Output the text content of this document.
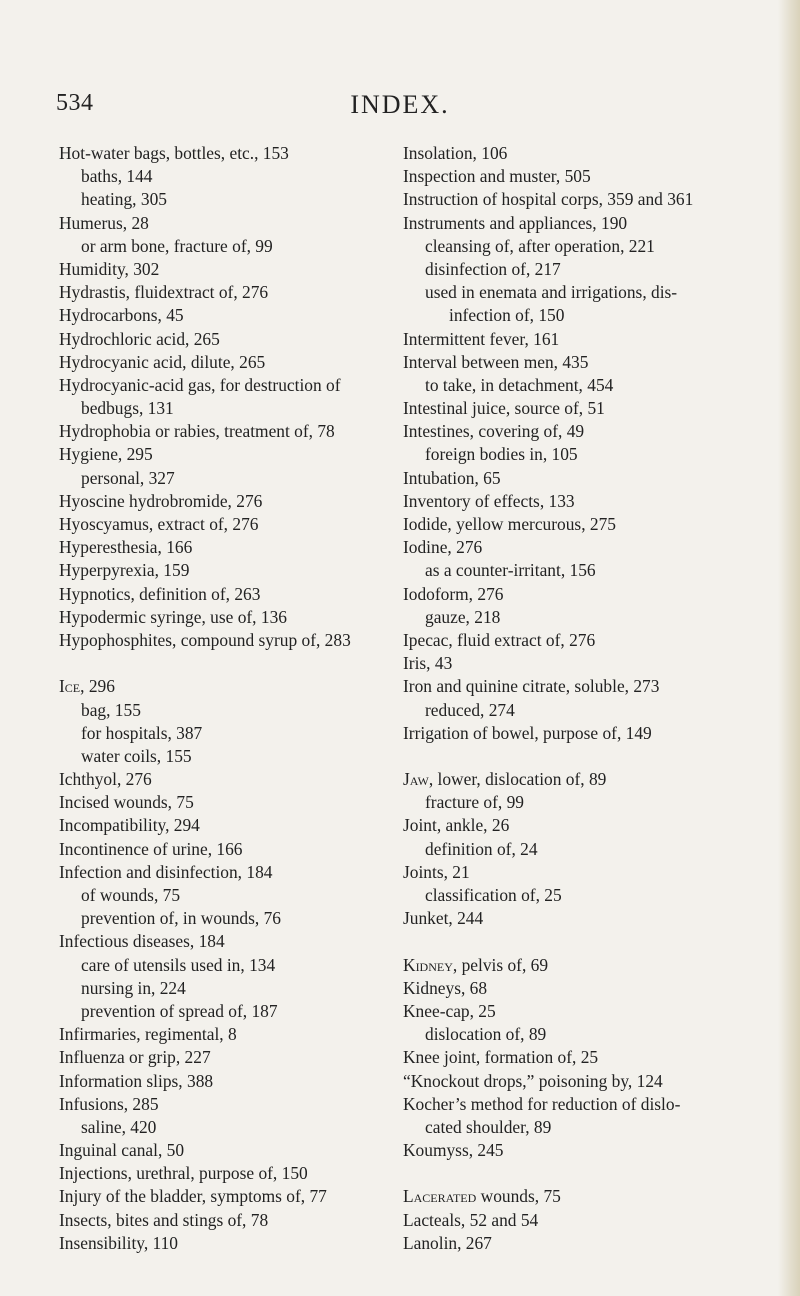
534	INDEX.
Hot-water bags, bottles, etc., 153
baths, 144
heating, 305
Humerus, 28
or arm bone, fracture of, 99
Humidity, 302
Hydrastis, fluidextract of, 276
Hydrocarbons, 45
Hydrochloric acid, 265
Hydrocyanic acid, dilute, 265
Hydrocyanic-acid gas, for destruction of
bedbugs, 131
Hydrophobia or rabies, treatment of, 78
Hygiene, 295
personal, 327
Hyoscine hydrobromide, 276
Hyoscyamus, extract of, 276
Hyperesthesia, 166
Hyperpyrexia, 159
Hypnotics, definition of, 263
Hypodermic syringe, use of, 136
Hypophosphites, compound syrup of, 283
Ice, 296
bag, 155
for hospitals, 387
water coils, 155
Ichthyol, 276
Incised wounds, 75
Incompatibility, 294
Incontinence of urine, 166
Infection and disinfection, 184
of wounds, 75
prevention of, in wounds, 76
Infectious diseases, 184
care of utensils used in, 134
nursing in, 224
prevention of spread of, 187
Infirmaries, regimental, 8
Influenza or grip, 227
Information slips, 388
Infusions, 285
saline, 420
Inguinal canal, 50
Injections, urethral, purpose of, 150
Injury of the bladder, symptoms of, 77
Insects, bites and stings of, 78
Insensibility, 110
Insolation, 106
Inspection and muster, 505
Instruction of hospital corps, 359 and 361
Instruments and appliances, 190
cleansing of, after operation, 221
disinfection of, 217
used in enemata and irrigations, dis-
infection of, 150
Intermittent fever, 161
Interval between men, 435
to take, in detachment, 454
Intestinal juice, source of, 51
Intestines, covering of, 49
foreign bodies in, 105
Intubation, 65
Inventory of effects, 133
Iodide, yellow mercurous, 275
Iodine, 276
as a counter-irritant, 156
Iodoform, 276
gauze, 218
Ipecac, fluid extract of, 276
Iris, 43
Iron and quinine citrate, soluble, 273
reduced, 274
Irrigation of bowel, purpose of, 149
Jaw, lower, dislocation of, 89
fracture of, 99
Joint, ankle, 26
definition of, 24
Joints, 21
classification of, 25
Junket, 244
Kidney, pelvis of, 69
Kidneys, 68
Knee-cap, 25
dislocation of, 89
Knee joint, formation of, 25
“Knockout drops,” poisoning by, 124
Kocher’s method for reduction of dislo-
cated shoulder, 89
Koumyss, 245
Lacerated wounds, 75
Lacteals, 52 and 54
Lanolin, 267
